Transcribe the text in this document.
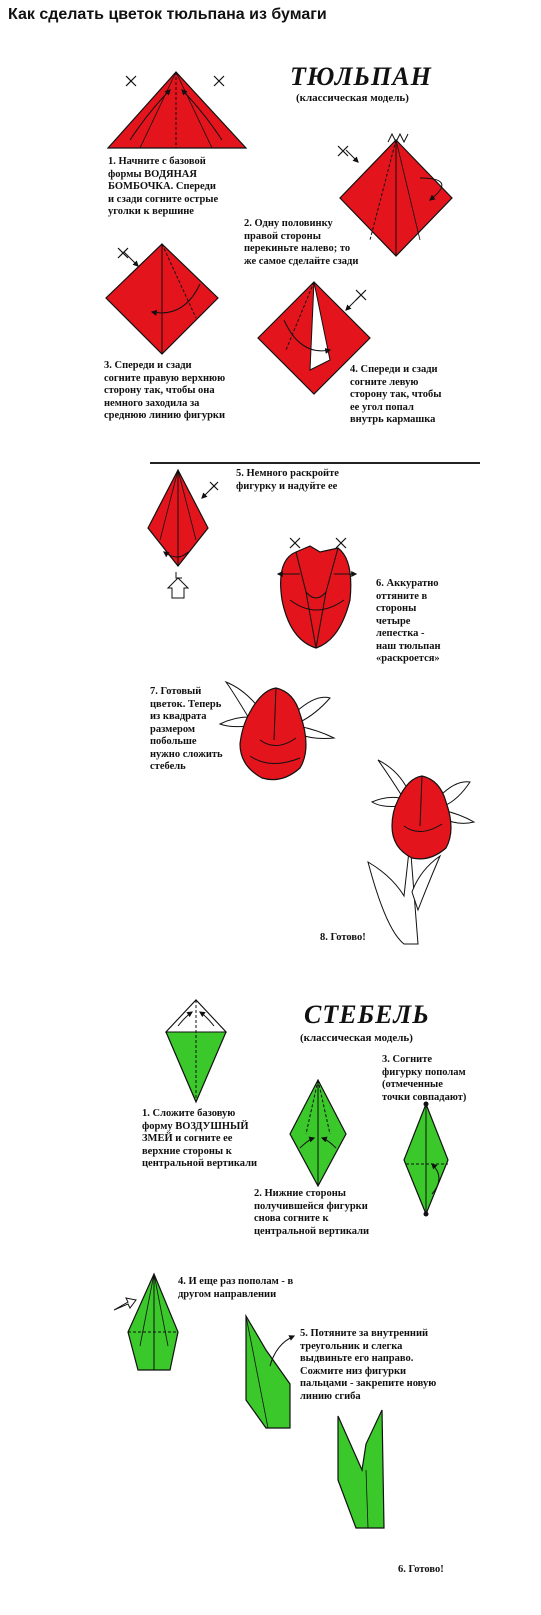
Как сделать цветок тюльпана из бумаги
ТЮЛЬПАН
(классическая модель)
СТЕБЕЛЬ
(классическая модель)
1. Начните с базовой
формы ВОДЯНАЯ
БОМБОЧКА. Спереди
и сзади согните острые
уголки к вершине
2. Одну половинку
правой стороны
перекиньте налево; то
же самое сделайте сзади
3. Спереди и сзади
согните правую верхнюю
сторону так, чтобы она
немного заходила за
среднюю линию фигурки
4. Спереди и сзади
согните левую
сторону так, чтобы
ее угол попал
внутрь кармашка
5. Немного раскройте
фигурку и надуйте ее
6. Аккуратно
оттяните в
стороны
четыре
лепестка -
наш тюльпан
«раскроется»
7. Готовый
цветок. Теперь
из квадрата
размером
побольше
нужно сложить
стебель
8. Готово!
1. Сложите базовую
форму ВОЗДУШНЫЙ
ЗМЕЙ и согните ее
верхние стороны к
центральной вертикали
2. Нижние стороны
получившейся фигурки
снова согните к
центральной вертикали
3. Согните
фигурку пополам
(отмеченные
точки совпадают)
4. И еще раз пополам - в
другом направлении
5. Потяните за внутренний
треугольник и слегка
выдвиньте его направо.
Сожмите низ фигурки
пальцами - закрепите новую
линию сгиба
6. Готово!
